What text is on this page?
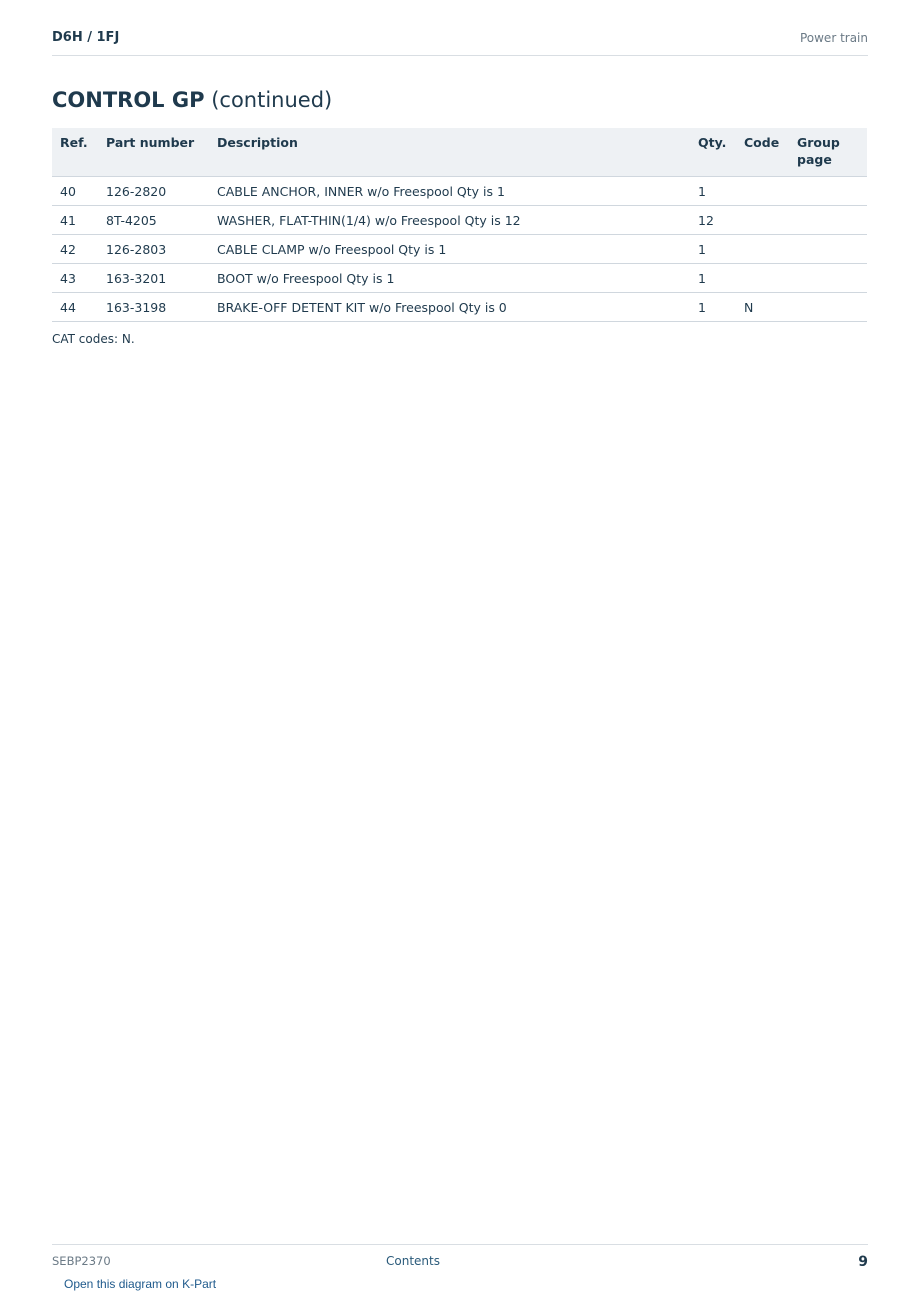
D6H / 1FJ	Power train
CONTROL GP (continued)
Ref.	Part number	Description	Qty.	Code	Group page
40	126-2820	CABLE ANCHOR, INNER w/o Freespool Qty is 1	1		
41	8T-4205	WASHER, FLAT-THIN(1/4) w/o Freespool Qty is 12	12		
42	126-2803	CABLE CLAMP w/o Freespool Qty is 1	1		
43	163-3201	BOOT w/o Freespool Qty is 1	1		
44	163-3198	BRAKE-OFF DETENT KIT w/o Freespool Qty is 0	1	N	
CAT codes: N.
SEBP2370	Contents	9
Open this diagram on K-Part
